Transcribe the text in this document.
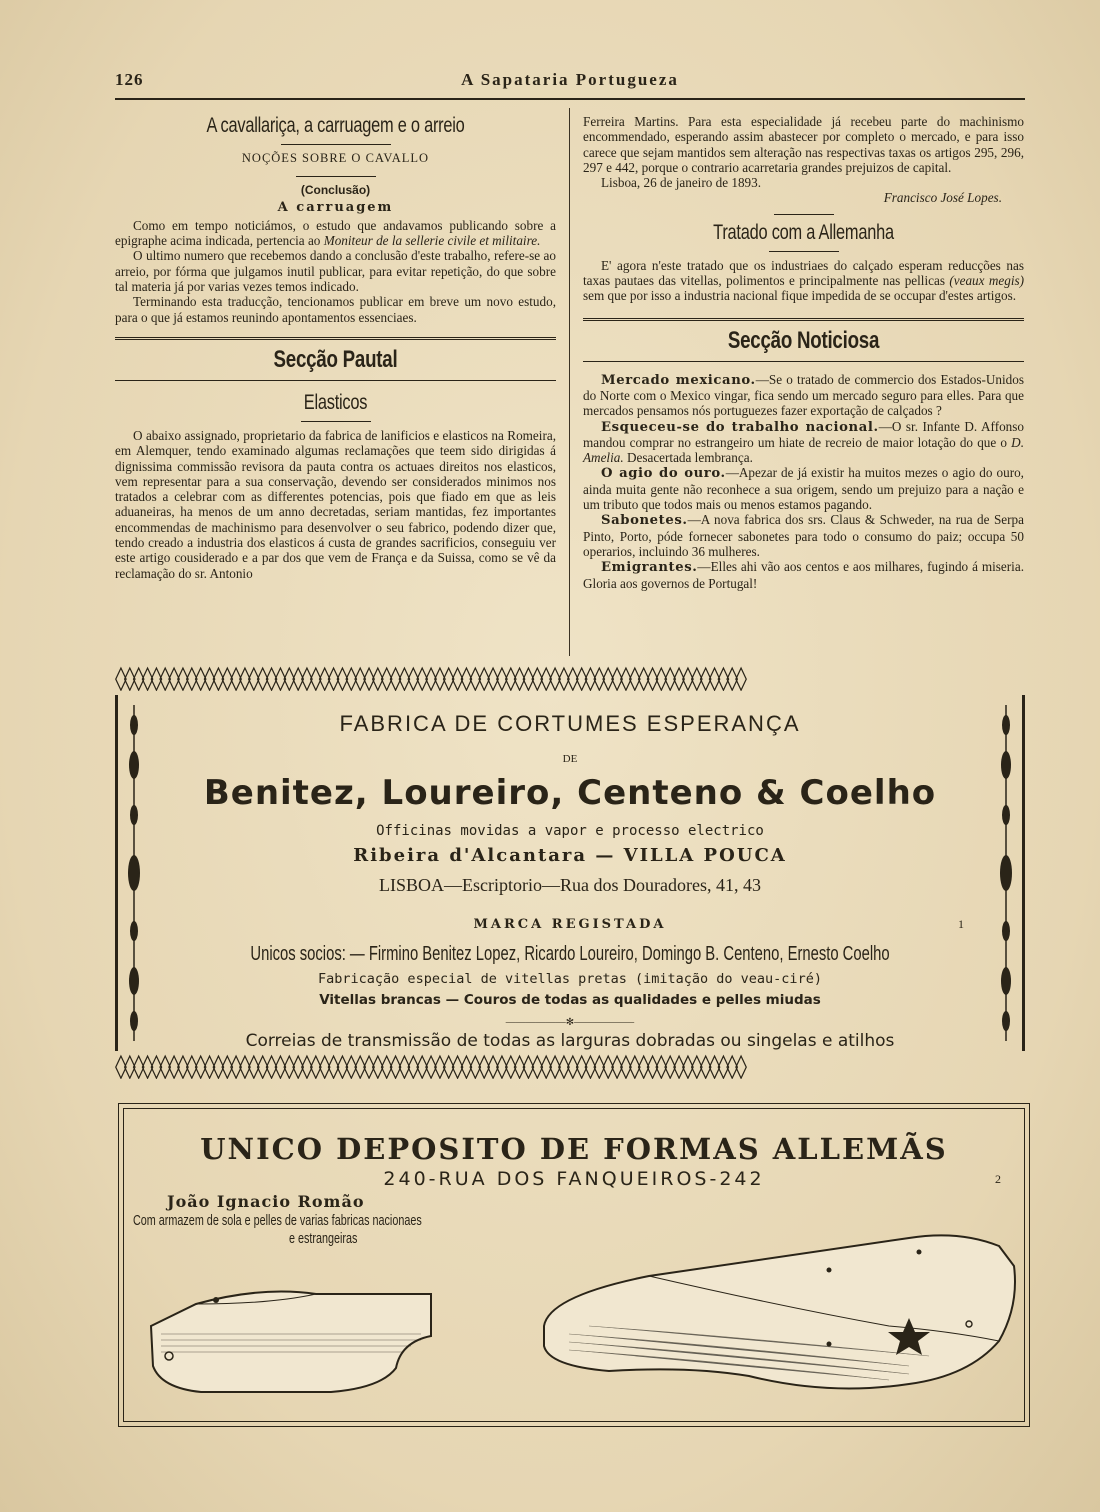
126	A Sapataria Portugueza
A cavallariça, a carruagem e o arreio
NOÇÕES SOBRE O CAVALLO
(Conclusão)
A carruagem

Como em tempo noticiámos, o estudo que andavamos publicando sobre a epigraphe acima indicada, pertencia ao Moniteur de la sellerie civile et militaire.

O ultimo numero que recebemos dando a conclusão d'este trabalho, refere-se ao arreio, por fórma que julgamos inutil publicar, para evitar repetição, do que sobre tal materia já por varias vezes temos indicado.

Terminando esta traducção, tencionamos publicar em breve um novo estudo, para o que já estamos reunindo apontamentos essenciaes.

Secção Pautal
Elasticos

O abaixo assignado, proprietario da fabrica de lanificios e elasticos na Romeira, em Alemquer, tendo examinado algumas reclamações que teem sido dirigidas á dignissima commissão revisora da pauta contra os actuaes direitos nos elasticos, vem representar para a sua conservação, devendo ser considerados minimos nos tratados a celebrar com as differentes potencias, pois que fiado em que as leis aduaneiras, ha menos de um anno decretadas, seriam mantidas, fez importantes encommendas de machinismo para desenvolver o seu fabrico, podendo dizer que, tendo creado a industria dos elasticos á custa de grandes sacrificios, conseguiu ver este artigo cousiderado e a par dos que vem de França e da Suissa, como se vê da reclamação do sr. Antonio

Ferreira Martins. Para esta especialidade já recebeu parte do machinismo encommendado, esperando assim abastecer por completo o mercado, e para isso carece que sejam mantidos sem alteração nas respectivas taxas os artigos 295, 296, 297 e 442, porque o contrario acarretaria grandes prejuizos de capital.

Lisboa, 26 de janeiro de 1893.

Francisco José Lopes.
Tratado com a Allemanha

E' agora n'este tratado que os industriaes do calçado esperam reducções nas taxas pautaes das vitellas, polimentos e principalmente nas pellicas (veaux megis) sem que por isso a industria nacional fique impedida de se occupar d'estes artigos.

Secção Noticiosa

Mercado mexicano.—Se o tratado de commercio dos Estados-Unidos do Norte com o Mexico vingar, fica sendo um mercado seguro para elles. Para que mercados pensamos nós portuguezes fazer exportação de calçados ?

Esqueceu-se do trabalho nacional.—O sr. Infante D. Affonso mandou comprar no estrangeiro um hiate de recreio de maior lotação do que o D. Amelia. Desacertada lembrança.

O agio do ouro.—Apezar de já existir ha muitos mezes o agio do ouro, ainda muita gente não reconhece a sua origem, sendo um prejuizo para a nação e um tributo que todos mais ou menos estamos pagando.

Sabonetes.—A nova fabrica dos srs. Claus & Schweder, na rua de Serpa Pinto, Porto, póde fornecer sabonetes para todo o consumo do paiz; occupa 50 operarios, incluindo 36 mulheres.

Emigrantes.—Elles ahi vão aos centos e aos milhares, fugindo á miseria. Gloria aos governos de Portugal!

◊◊◊◊◊◊◊◊◊◊◊◊◊◊◊◊◊◊◊◊◊◊◊◊◊◊◊◊◊◊◊◊◊◊◊◊◊◊◊◊◊◊◊◊◊◊◊◊◊◊◊◊◊◊◊◊◊◊◊◊◊◊◊◊◊◊◊◊◊◊◊
FABRICA DE CORTUMES ESPERANÇA
DE
Benitez, Loureiro, Centeno & Coelho
Officinas movidas a vapor e processo electrico
Ribeira d'Alcantara — VILLA POUCA
LISBOA—Escriptorio—Rua dos Douradores, 41, 43
MARCA REGISTADA	1
Unicos socios: — Firmino Benitez Lopez, Ricardo Loureiro, Domingo B. Centeno, Ernesto Coelho
Fabricação especial de vitellas pretas (imitação do veau-ciré)
Vitellas brancas — Couros de todas as qualidades e pelles miudas
——————✻——————
Correias de transmissão de todas as larguras dobradas ou singelas e atilhos
◊◊◊◊◊◊◊◊◊◊◊◊◊◊◊◊◊◊◊◊◊◊◊◊◊◊◊◊◊◊◊◊◊◊◊◊◊◊◊◊◊◊◊◊◊◊◊◊◊◊◊◊◊◊◊◊◊◊◊◊◊◊◊◊◊◊◊◊◊◊◊
UNICO DEPOSITO DE FORMAS ALLEMÃS
240-RUA DOS FANQUEIROS-242	2
João Ignacio Romão
Com armazem de sola e pelles de varias fabricas nacionaes
e estrangeiras
